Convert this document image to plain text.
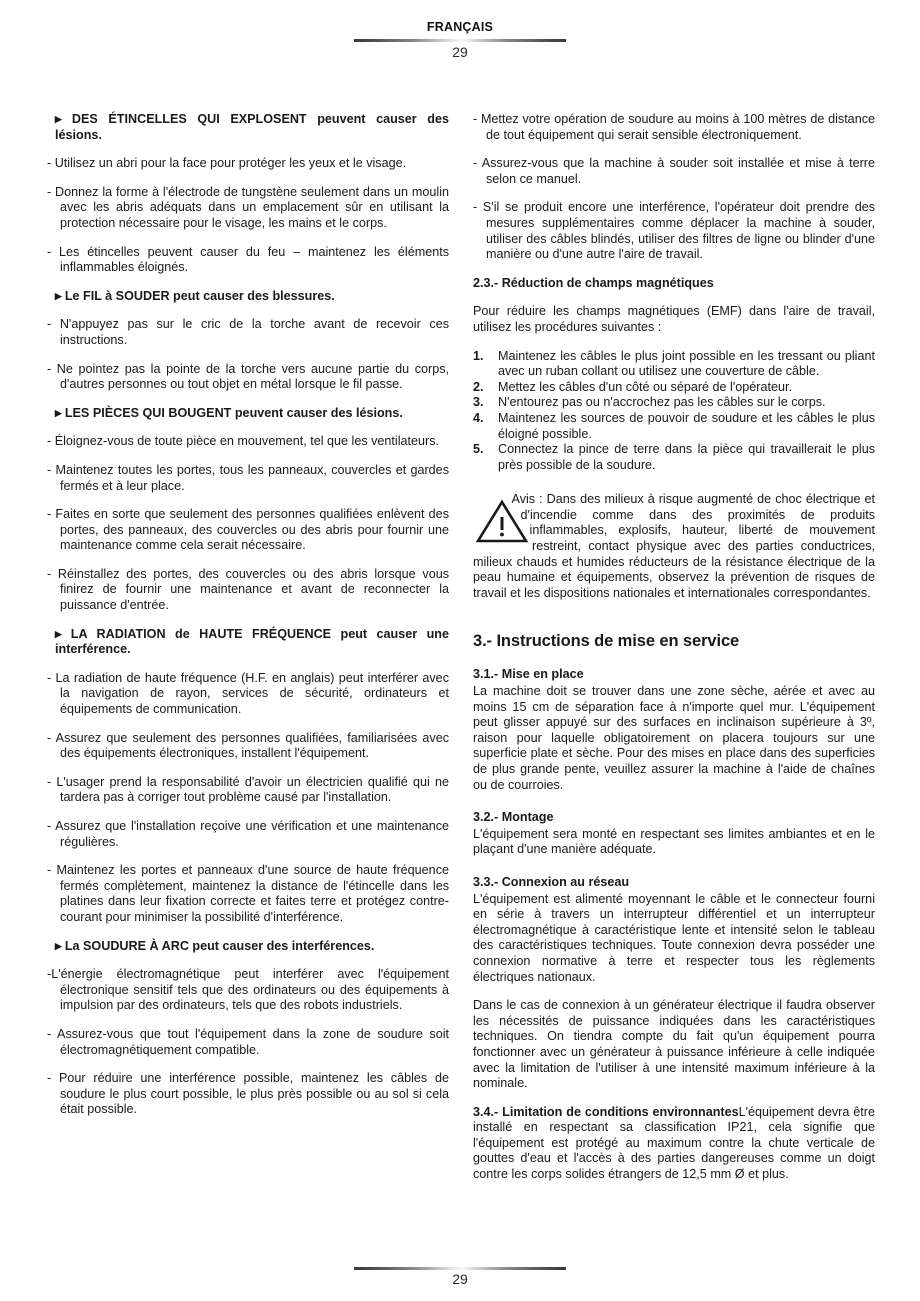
FRANÇAIS
29

▶ DES ÉTINCELLES QUI EXPLOSENT peuvent causer des lésions.

- Utilisez un abri pour la face pour protéger les yeux et le visage.

- Donnez la forme à l'électrode de tungstène seulement dans un moulin avec les abris adéquats dans un emplacement sûr en utilisant la protection nécessaire pour le visage, les mains et le corps.

- Les étincelles peuvent causer du feu – maintenez les éléments inflammables éloignés.

▶ Le FIL à SOUDER peut causer des blessures.

- N'appuyez pas sur le cric de la torche avant de recevoir ces instructions.

- Ne pointez pas la pointe de la torche vers aucune partie du corps, d'autres personnes ou tout objet en métal lorsque le fil passe.

▶ LES PIÈCES QUI BOUGENT peuvent causer des lésions.

- Éloignez-vous de toute pièce en mouvement, tel que les ventilateurs.

- Maintenez toutes les portes, tous les panneaux, couvercles et gardes fermés et à leur place.

- Faites en sorte que seulement des personnes qualifiées enlèvent des portes, des panneaux, des couvercles ou des abris pour fournir une maintenance comme cela serait nécessaire.

- Réinstallez des portes, des couvercles ou des abris lorsque vous finirez de fournir une maintenance et avant de reconnecter la puissance d'entrée.

▶ LA RADIATION de HAUTE FRÉQUENCE peut causer une interférence.

- La radiation de haute fréquence (H.F. en anglais) peut interférer avec la navigation de rayon, services de sécurité, ordinateurs et équipements de communication.

- Assurez que seulement des personnes qualifiées, familiarisées avec des équipements électroniques, installent l'équipement.

- L'usager prend la responsabilité d'avoir un électricien qualifié qui ne tardera pas à corriger tout problème causé par l'installation.

- Assurez que l'installation reçoive une vérification et une maintenance régulières.

- Maintenez les portes et panneaux d'une source de haute fréquence fermés complètement, maintenez la distance de l'étincelle dans les platines dans leur fixation correcte et faites terre et protégez contre-courant pour minimiser la possibilité d'interférence.

▶ La SOUDURE À ARC peut causer des interférences.

-L'énergie électromagnétique peut interférer avec l'équipement électronique sensitif tels que des ordinateurs ou des équipements à impulsion par des ordinateurs, tels que des robots industriels.

- Assurez-vous que tout l'équipement dans la zone de soudure soit électromagnétiquement compatible.

- Pour réduire une interférence possible, maintenez les câbles de soudure le plus court possible, le plus près possible ou au sol si cela était possible.

- Mettez votre opération de soudure au moins à 100 mètres de distance de tout équipement qui serait sensible électroniquement.

- Assurez-vous que la machine à souder soit installée et mise à terre selon ce manuel.

- S'il se produit encore une interférence, l'opérateur doit prendre des mesures supplémentaires comme déplacer la machine à souder, utiliser des câbles blindés, utiliser des filtres de ligne ou blinder d'une manière ou d'une autre l'aire de travail.

2.3.- Réduction de champs magnétiques

Pour réduire les champs magnétiques (EMF) dans l'aire de travail, utilisez les procédures suivantes :

Maintenez les câbles le plus joint possible en les tressant ou pliant avec un ruban collant ou utilisez une couverture de câble.
Mettez les câbles d'un côté ou séparé de l'opérateur.
N'entourez pas ou n'accrochez pas les câbles sur le corps.
Maintenez les sources de pouvoir de soudure et les câbles le plus éloigné possible.
Connectez la pince de terre dans la pièce qui travaillerait le plus près possible de la soudure.

Avis : Dans des milieux à risque augmenté de choc électrique et d'incendie comme dans des proximités de produits inflammables, explosifs, hauteur, liberté de mouvement restreint, contact physique avec des parties conductrices, milieux chauds et humides réducteurs de la résistance électrique de la peau humaine et équipements, observez la prévention de risques de travail et les dispositions nationales et internationales correspondantes.

3.- Instructions de mise en service

3.1.- Mise en place

La machine doit se trouver dans une zone sèche, aérée et avec au moins 15 cm de séparation face à n'importe quel mur. L'équipement peut glisser appuyé sur des surfaces en inclinaison supérieure à 3º, raison pour laquelle obligatoirement on placera toujours sur une superficie plate et sèche. Pour des mises en place dans des superficies de plus grande pente, veuillez assurer la machine à l'aide de chaînes ou de courroies.

3.2.- Montage

L'équipement sera monté en respectant ses limites ambiantes et en le plaçant d'une manière adéquate.

3.3.- Connexion au réseau

L'équipement est alimenté moyennant le câble et le connecteur fourni en série à travers un interrupteur différentiel et un interrupteur électromagnétique à caractéristique lente et intensité selon le tableau des caractéristiques techniques. Toute connexion devra posséder une connexion normative à terre et respecter tous les règlements électriques nationaux.

Dans le cas de connexion à un générateur électrique il faudra observer les nécessités de puissance indiquées dans les caractéristiques techniques. On tiendra compte du fait qu'un équipement pourra fonctionner avec un générateur à puissance inférieure à celle indiquée avec la limitation de l'utiliser à une intensité maximum inférieure à la nominale.

3.4.- Limitation de conditions environnantesL'équipement devra être installé en respectant sa classification IP21, cela signifie que l'équipement est protégé au maximum contre la chute verticale de gouttes d'eau et l'accès à des parties dangereuses comme un doigt contre les corps solides étrangers de 12,5 mm Ø et plus.

29
